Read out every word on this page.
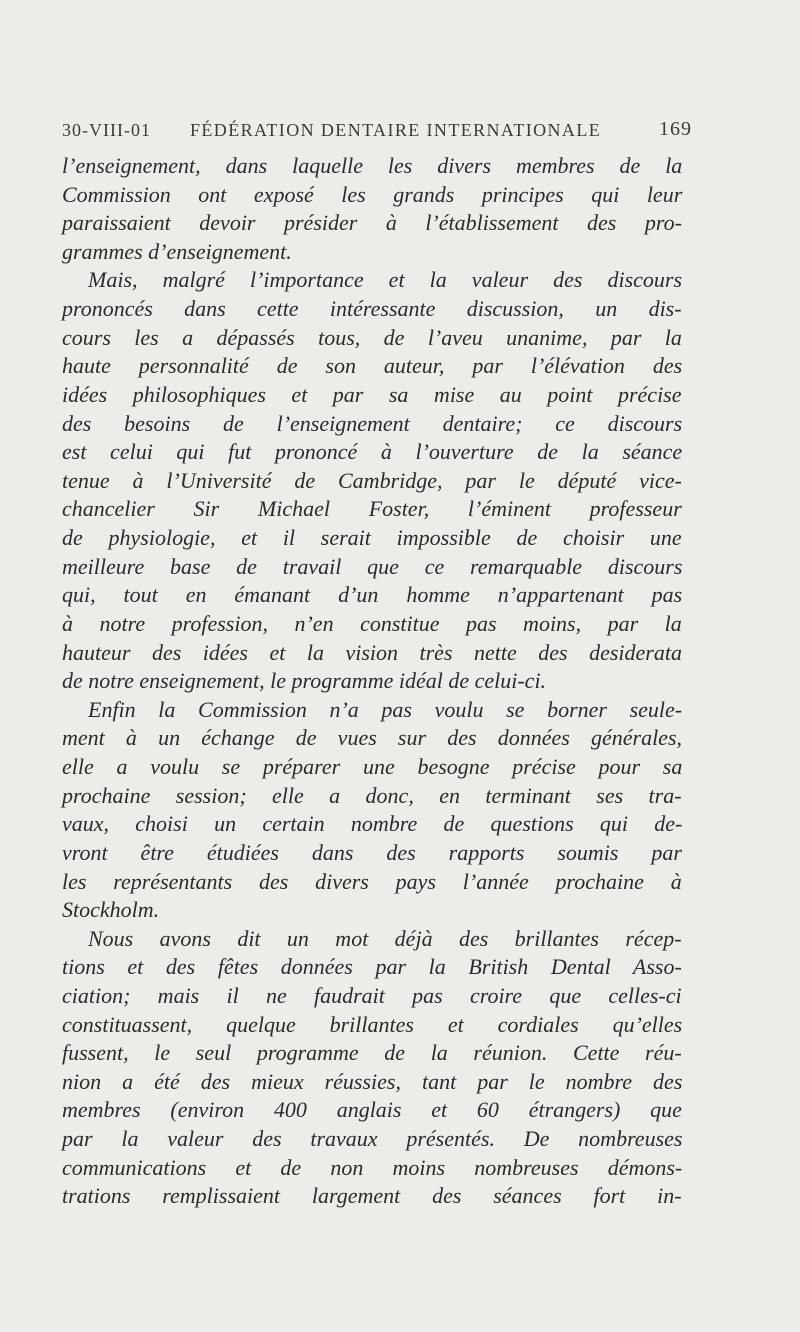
30-VIII-01 FÉDÉRATION DENTAIRE INTERNATIONALE	169
l’enseignement, dans laquelle les divers membres de la
Commission ont exposé les grands principes qui leur
paraissaient devoir présider à l’établissement des pro-
grammes d’enseignement.
Mais, malgré l’importance et la valeur des discours
prononcés dans cette intéressante discussion, un dis-
cours les a dépassés tous, de l’aveu unanime, par la
haute personnalité de son auteur, par l’élévation des
idées philosophiques et par sa mise au point précise
des besoins de l’enseignement dentaire; ce discours
est celui qui fut prononcé à l’ouverture de la séance
tenue à l’Université de Cambridge, par le député vice-
chancelier Sir Michael Foster, l’éminent professeur
de physiologie, et il serait impossible de choisir une
meilleure base de travail que ce remarquable discours
qui, tout en émanant d’un homme n’appartenant pas
à notre profession, n’en constitue pas moins, par la
hauteur des idées et la vision très nette des desiderata
de notre enseignement, le programme idéal de celui-ci.
Enfin la Commission n’a pas voulu se borner seule-
ment à un échange de vues sur des données générales,
elle a voulu se préparer une besogne précise pour sa
prochaine session; elle a donc, en terminant ses tra-
vaux, choisi un certain nombre de questions qui de-
vront être étudiées dans des rapports soumis par
les représentants des divers pays l’année prochaine à
Stockholm.
Nous avons dit un mot déjà des brillantes récep-
tions et des fêtes données par la British Dental Asso-
ciation; mais il ne faudrait pas croire que celles-ci
constituassent, quelque brillantes et cordiales qu’elles
fussent, le seul programme de la réunion. Cette réu-
nion a été des mieux réussies, tant par le nombre des
membres (environ 400 anglais et 60 étrangers) que
par la valeur des travaux présentés. De nombreuses
communications et de non moins nombreuses démons-
trations remplissaient largement des séances fort in-
